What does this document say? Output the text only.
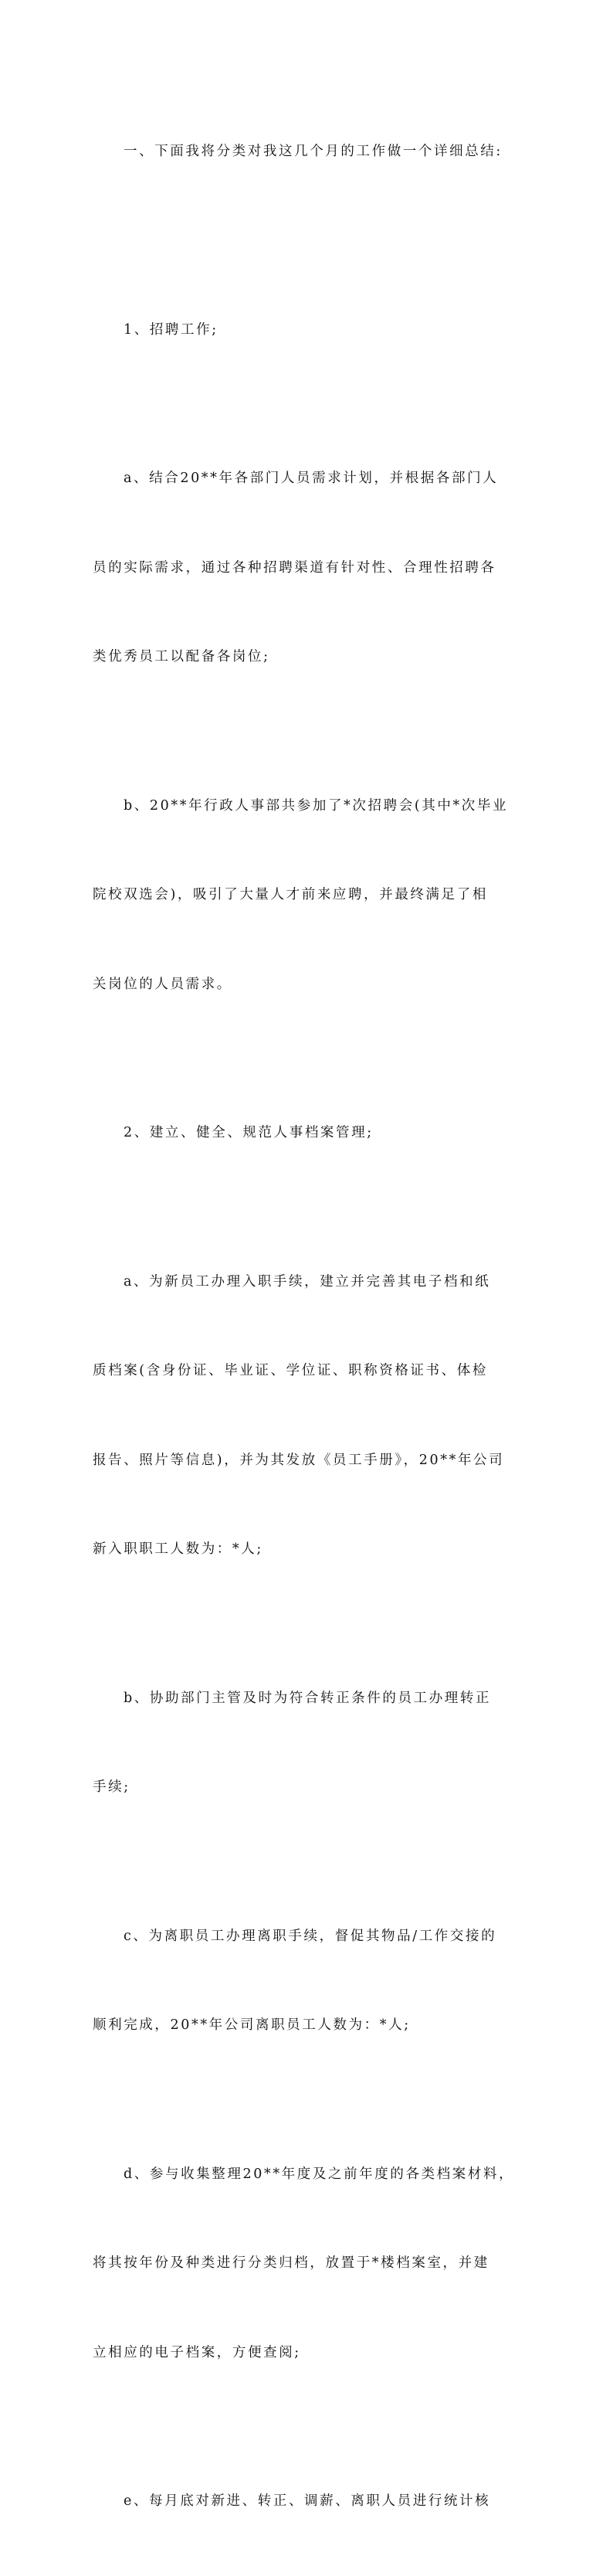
一、下面我将分类对我这几个月的工作做一个详细总结:

1、招聘工作;

a、结合20**年各部门人员需求计划，并根据各部门人

员的实际需求，通过各种招聘渠道有针对性、合理性招聘各

类优秀员工以配备各岗位;

b、20**年行政人事部共参加了*次招聘会(其中*次毕业

院校双选会)，吸引了大量人才前来应聘，并最终满足了相

关岗位的人员需求。

2、建立、健全、规范人事档案管理;

a、为新员工办理入职手续，建立并完善其电子档和纸

质档案(含身份证、毕业证、学位证、职称资格证书、体检

报告、照片等信息)，并为其发放《员工手册》，20**年公司

新入职职工人数为：*人;

b、协助部门主管及时为符合转正条件的员工办理转正

手续;

c、为离职员工办理离职手续，督促其物品/工作交接的

顺利完成，20**年公司离职员工人数为：*人;

d、参与收集整理20**年度及之前年度的各类档案材料，

将其按年份及种类进行分类归档，放置于*楼档案室，并建

立相应的电子档案，方便查阅;

e、每月底对新进、转正、调薪、离职人员进行统计核
